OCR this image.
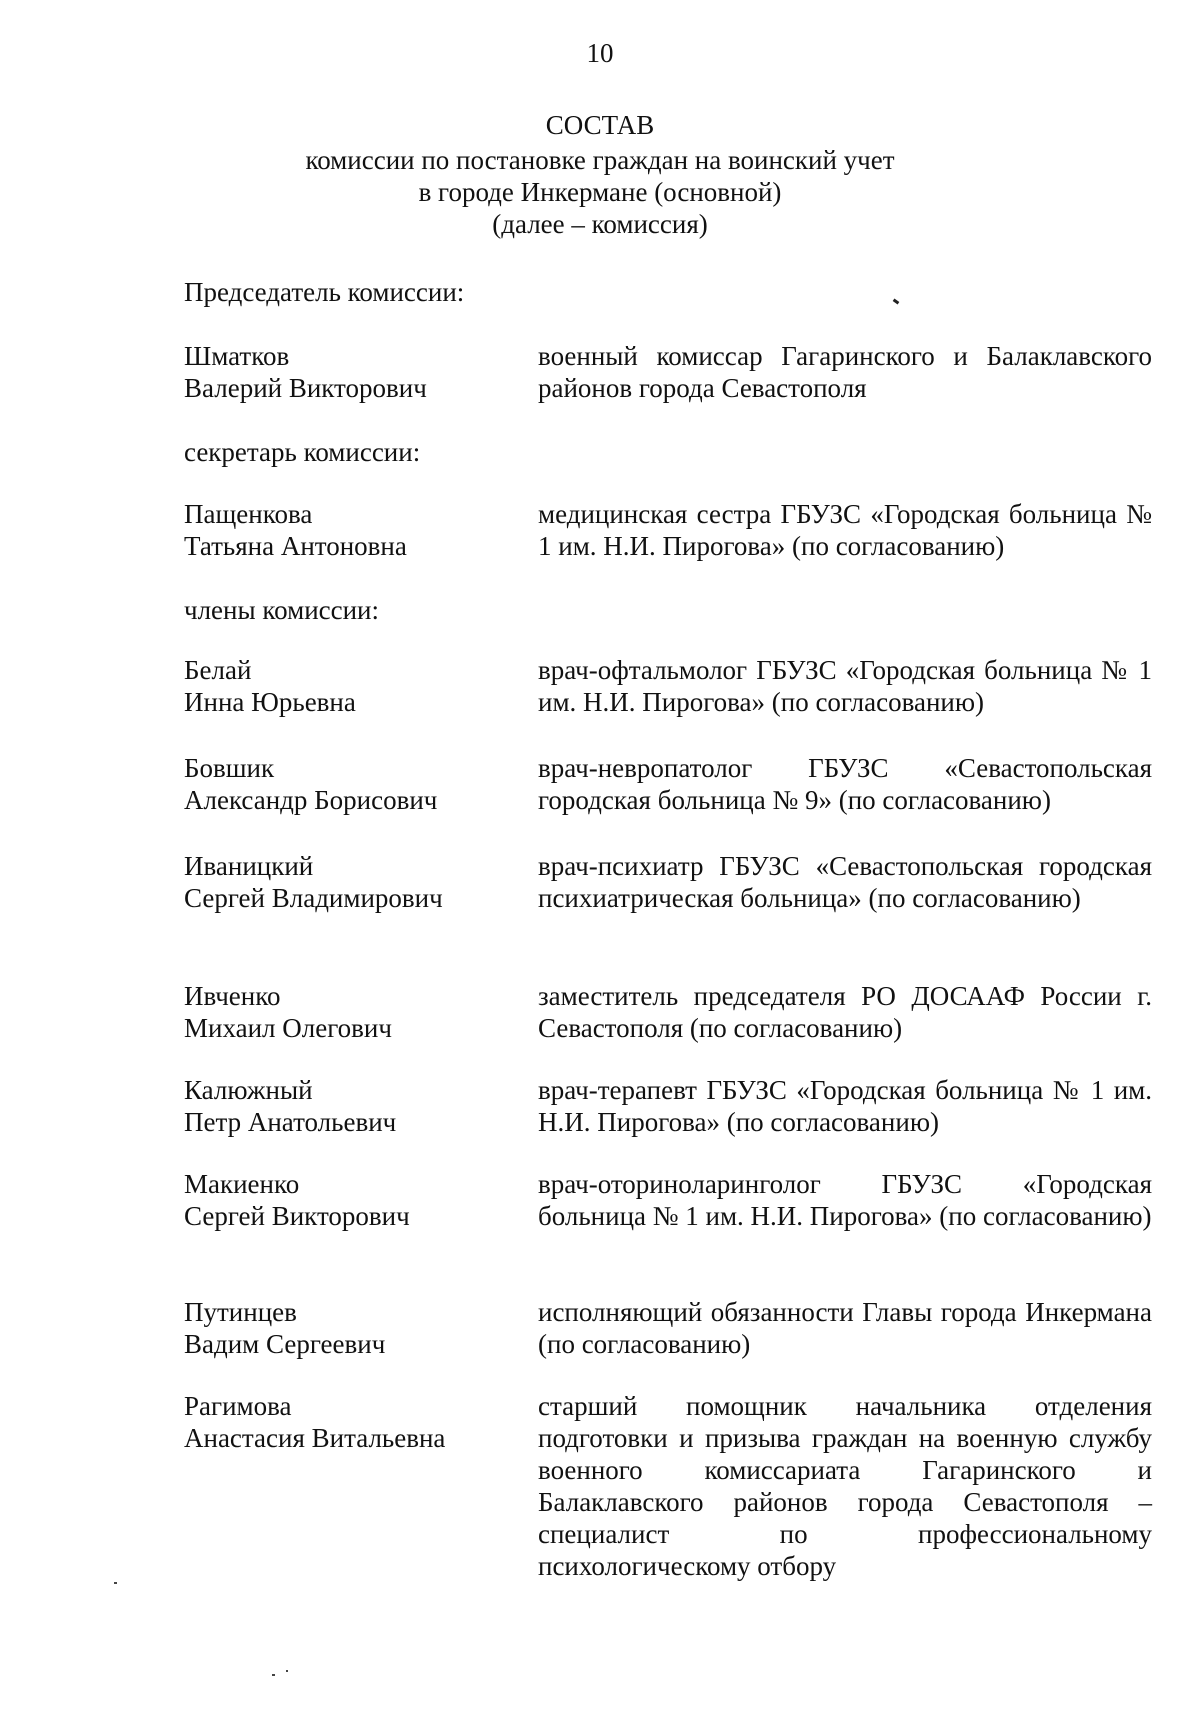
10
СОСТАВ
комиссии по постановке граждан на воинский учет
в городе Инкермане (основной)
(далее – комиссия)
Председатель комиссии:
Шматков
Валерий Викторович
военный комиссар Гагаринского и Балаклавского районов города Севастополя
секретарь комиссии:
Пащенкова
Татьяна Антоновна
медицинская сестра ГБУЗС «Городская больница № 1 им. Н.И. Пирогова» (по согласованию)
члены комиссии:
Белай
Инна Юрьевна
врач-офтальмолог ГБУЗС «Городская больница № 1 им. Н.И. Пирогова» (по согласованию)
Бовшик
Александр Борисович
врач-невропатолог ГБУЗС «Севастопольская городская больница № 9» (по согласованию)
Иваницкий
Сергей Владимирович
врач-психиатр ГБУЗС «Севастопольская городская психиатрическая больница» (по согласованию)
Ивченко
Михаил Олегович
заместитель председателя РО ДОСААФ России г. Севастополя (по согласованию)
Калюжный
Петр Анатольевич
врач-терапевт ГБУЗС «Городская больница № 1 им. Н.И. Пирогова» (по согласованию)
Макиенко
Сергей Викторович
врач-оториноларинголог ГБУЗС «Городская больница № 1 им. Н.И. Пирогова» (по согласованию)
Путинцев
Вадим Сергеевич
исполняющий обязанности Главы города Инкермана (по согласованию)
Рагимова
Анастасия Витальевна
старший помощник начальника отделения подготовки и призыва граждан на военную службу военного комиссариата Гагаринского и Балаклавского районов города Севастополя – специалист по профессиональному психологическому отбору
